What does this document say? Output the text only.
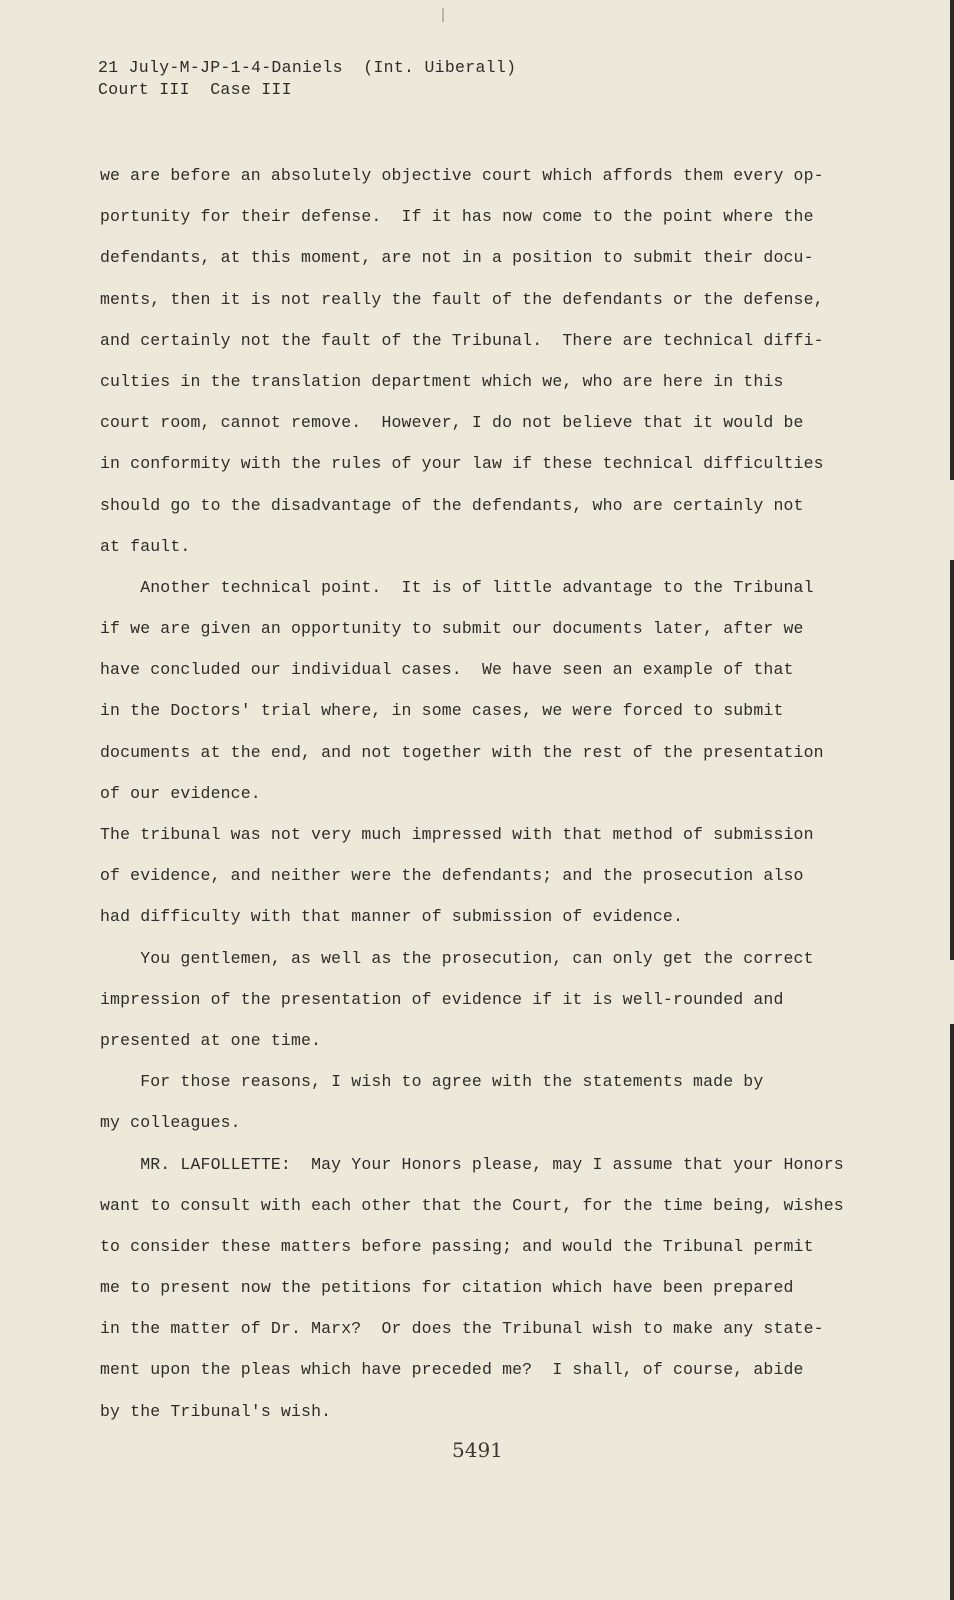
21 July-M-JP-1-4-Daniels  (Int. Uiberall)
Court III  Case III
we are before an absolutely objective court which affords them every op-
portunity for their defense.  If it has now come to the point where the
defendants, at this moment, are not in a position to submit their docu-
ments, then it is not really the fault of the defendants or the defense,
and certainly not the fault of the Tribunal.  There are technical diffi-
culties in the translation department which we, who are here in this
court room, cannot remove.  However, I do not believe that it would be
in conformity with the rules of your law if these technical difficulties
should go to the disadvantage of the defendants, who are certainly not
at fault.
Another technical point.  It is of little advantage to the Tribunal
if we are given an opportunity to submit our documents later, after we
have concluded our individual cases.  We have seen an example of that
in the Doctors' trial where, in some cases, we were forced to submit
documents at the end, and not together with the rest of the presentation
of our evidence.
The tribunal was not very much impressed with that method of submission
of evidence, and neither were the defendants; and the prosecution also
had difficulty with that manner of submission of evidence.
You gentlemen, as well as the prosecution, can only get the correct
impression of the presentation of evidence if it is well-rounded and
presented at one time.
For those reasons, I wish to agree with the statements made by
my colleagues.
MR. LAFOLLETTE:  May Your Honors please, may I assume that your Honors
want to consult with each other that the Court, for the time being, wishes
to consider these matters before passing; and would the Tribunal permit
me to present now the petitions for citation which have been prepared
in the matter of Dr. Marx?  Or does the Tribunal wish to make any state-
ment upon the pleas which have preceded me?  I shall, of course, abide
by the Tribunal's wish.
5491
